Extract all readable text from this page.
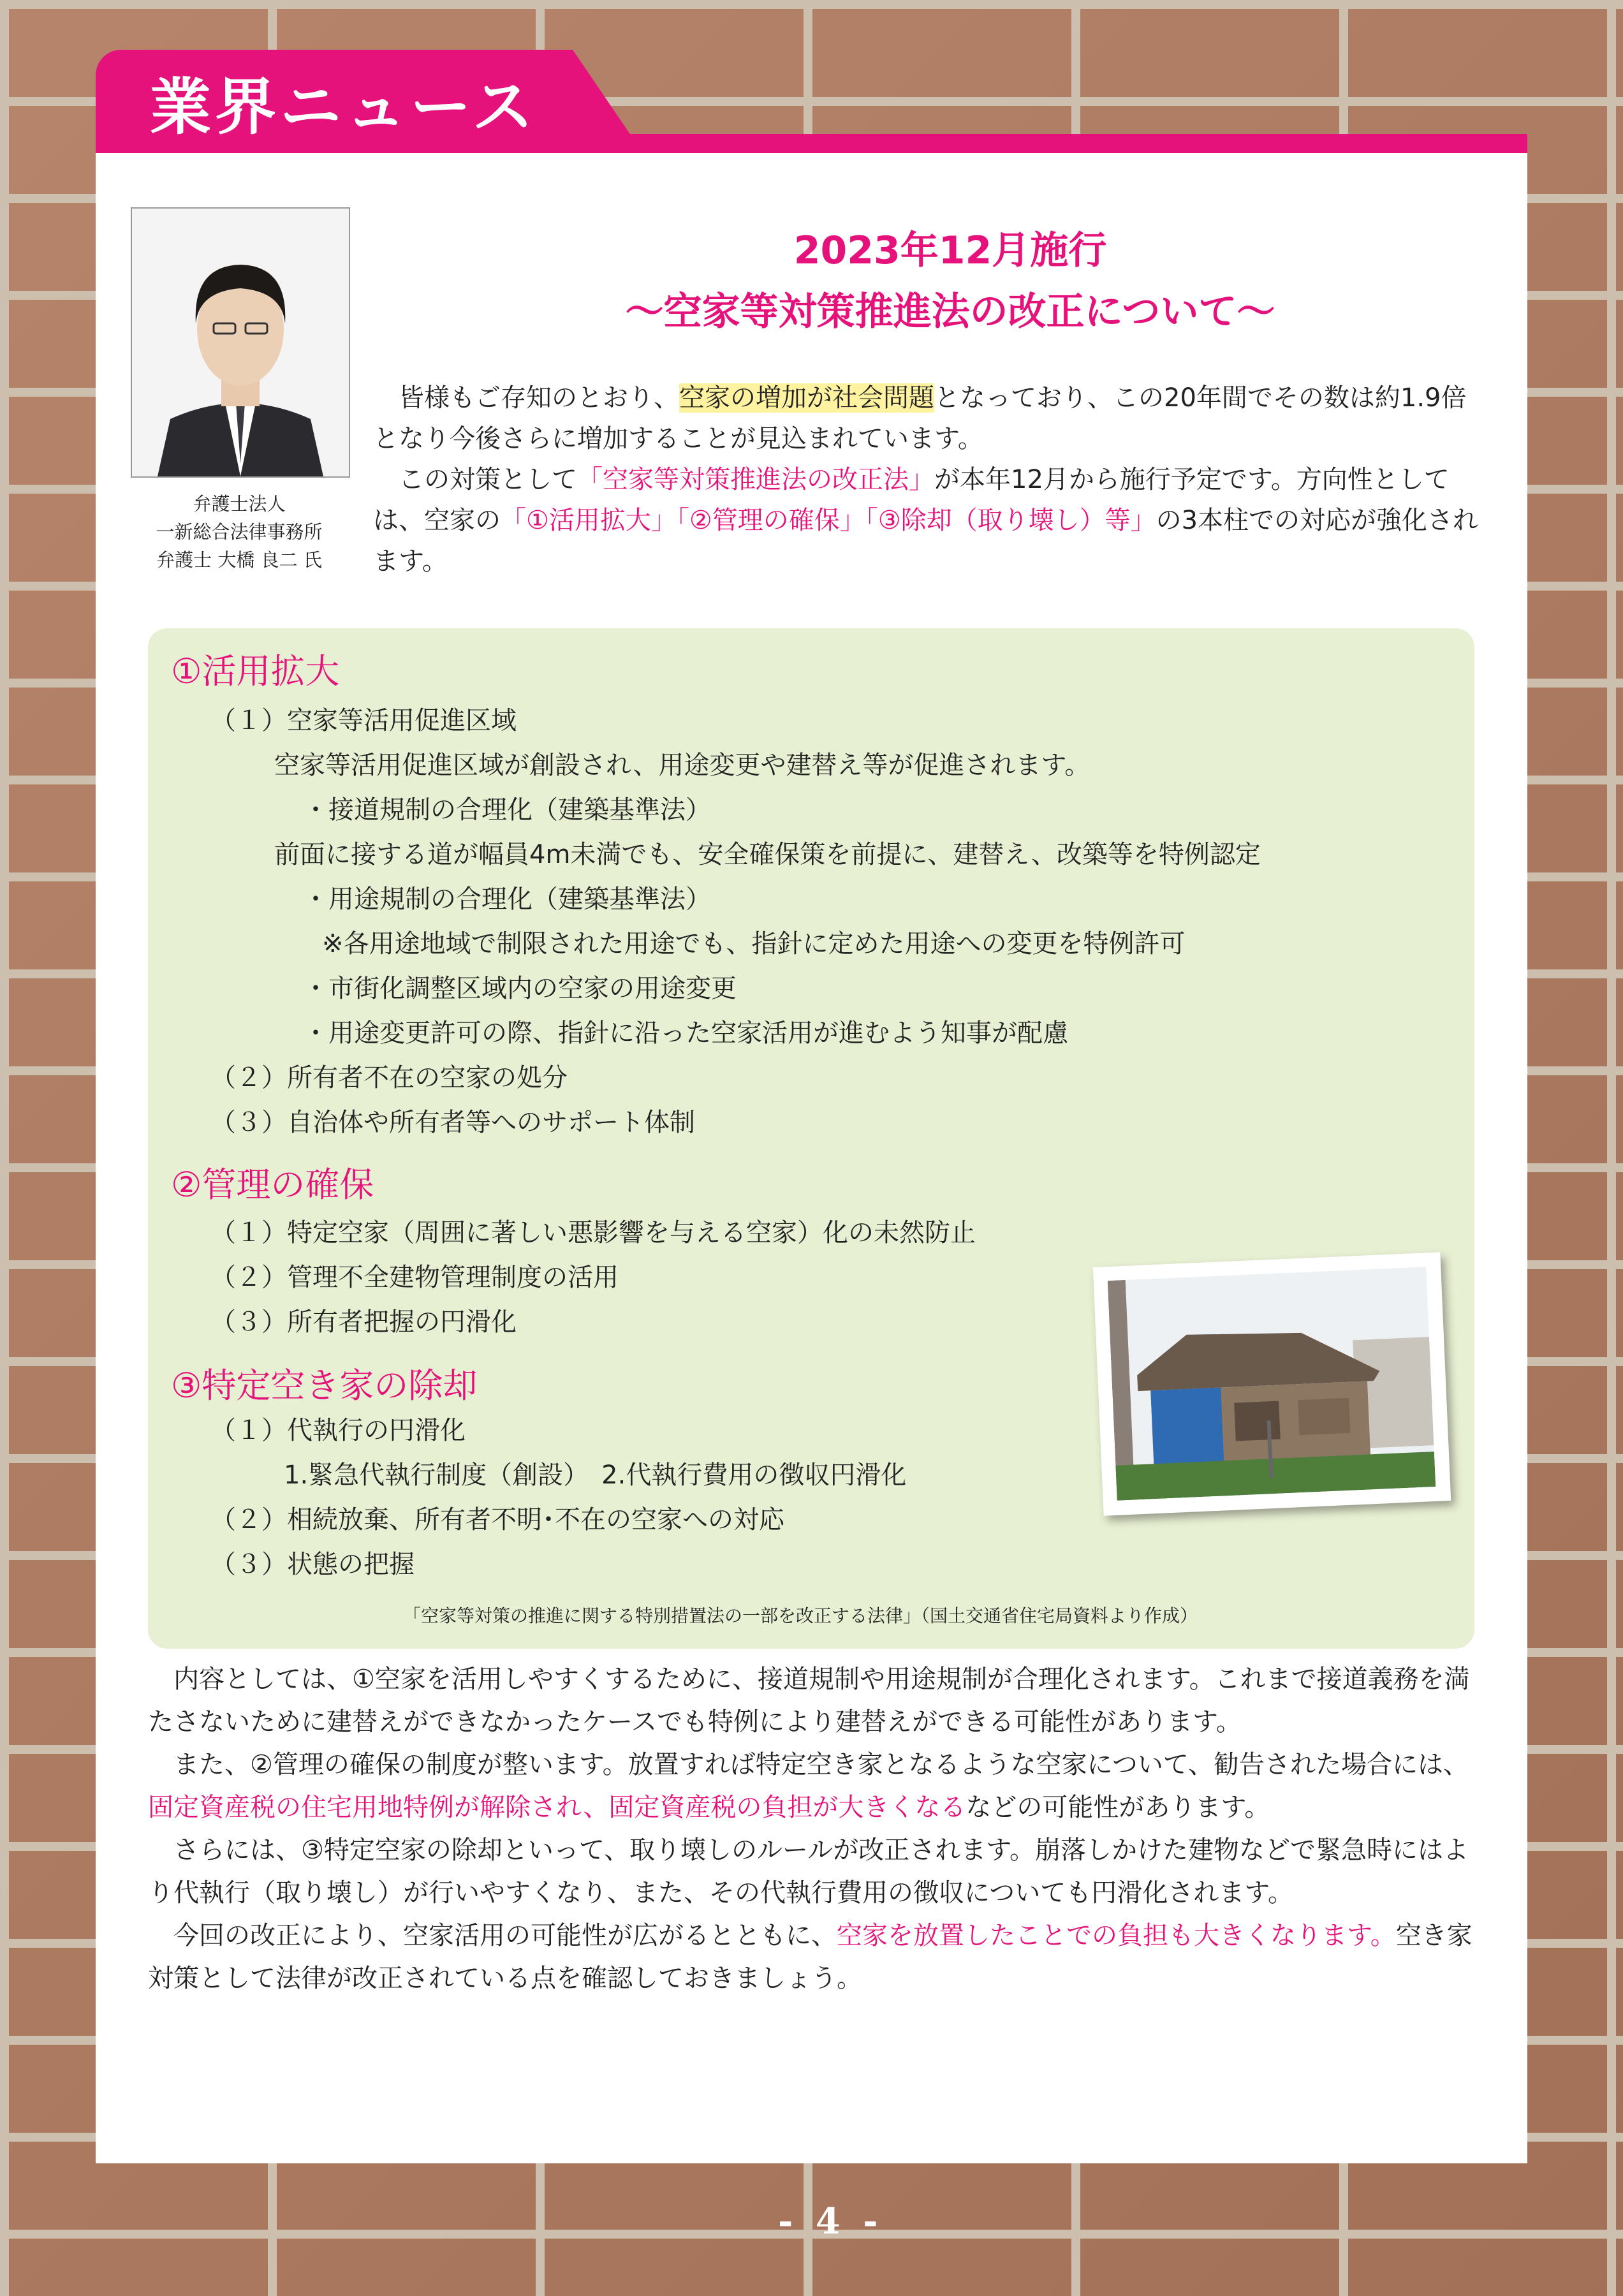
業界ニュース
弁護士法人
一新総合法律事務所
弁護士 大橋 良二 氏
2023年12月施行
〜空家等対策推進法の改正について〜

皆様もご存知のとおり、空家の増加が社会問題となっており、この20年間でその数は約1.9倍となり今後さらに増加することが見込まれています。

この対策として「空家等対策推進法の改正法」が本年12月から施行予定です。方向性としては、空家の「①活用拡大」「②管理の確保」「③除却（取り壊し）等」の3本柱での対応が強化されます。

①活用拡大
（１）空家等活用促進区域
空家等活用促進区域が創設され、用途変更や建替え等が促進されます。
・接道規制の合理化（建築基準法）
前面に接する道が幅員4m未満でも、安全確保策を前提に、建替え、改築等を特例認定
・用途規制の合理化（建築基準法）
※各用途地域で制限された用途でも、指針に定めた用途への変更を特例許可
・市街化調整区域内の空家の用途変更
・用途変更許可の際、指針に沿った空家活用が進むよう知事が配慮
（２）所有者不在の空家の処分
（３）自治体や所有者等へのサポート体制
②管理の確保
（１）特定空家（周囲に著しい悪影響を与える空家）化の未然防止
（２）管理不全建物管理制度の活用
（３）所有者把握の円滑化
③特定空き家の除却
（１）代執行の円滑化
1.緊急代執行制度（創設）　2.代執行費用の徴収円滑化
（２）相続放棄、所有者不明･不在の空家への対応
（３）状態の把握
「空家等対策の推進に関する特別措置法の一部を改正する法律」（国土交通省住宅局資料より作成）

内容としては、①空家を活用しやすくするために、接道規制や用途規制が合理化されます。これまで接道義務を満たさないために建替えができなかったケースでも特例により建替えができる可能性があります。

また、②管理の確保の制度が整います。放置すれば特定空き家となるような空家について、勧告された場合には、固定資産税の住宅用地特例が解除され、固定資産税の負担が大きくなるなどの可能性があります。

さらには、③特定空家の除却といって、取り壊しのルールが改正されます。崩落しかけた建物などで緊急時にはより代執行（取り壊し）が行いやすくなり、また、その代執行費用の徴収についても円滑化されます。

今回の改正により、空家活用の可能性が広がるとともに、空家を放置したことでの負担も大きくなります。空き家対策として法律が改正されている点を確認しておきましょう。

- 4 -
